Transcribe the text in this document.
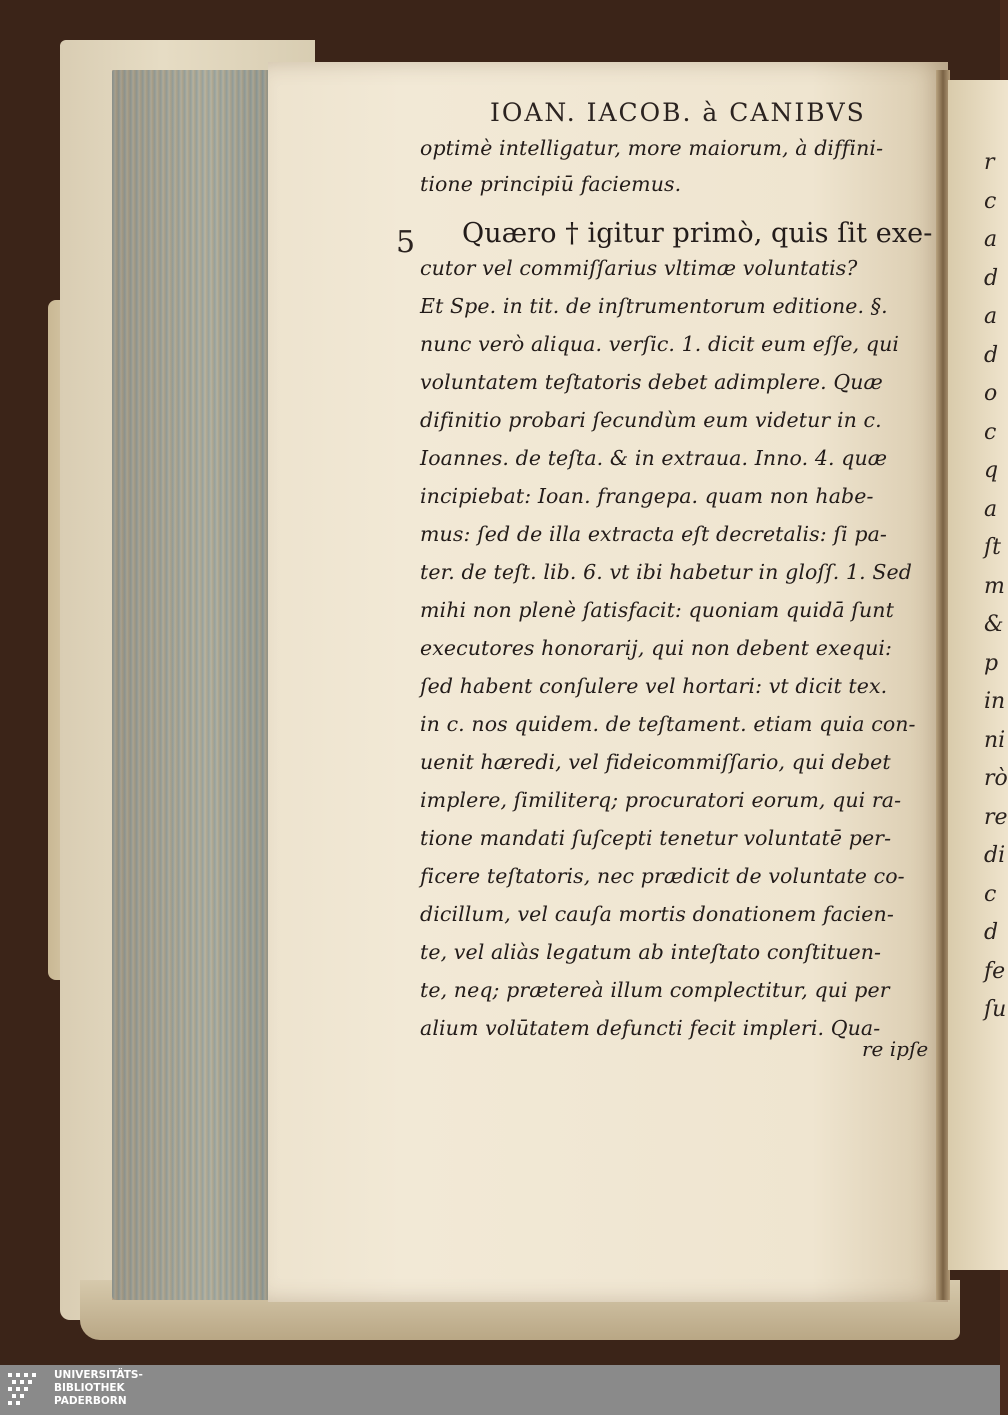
IOAN. IACOB. à CANIBVS
5
optimè intelligatur, more maiorum, à diffini-
tione principiū faciemus.
Quæro † igitur primò, quis ſit exe-
cutor vel commiſſarius vltimæ voluntatis?
Et Spe. in tit. de inſtrumentorum editione. §.
nunc verò aliqua. verſic. 1. dicit eum eſſe, qui
voluntatem teſtatoris debet adimplere. Quæ
difinitio probari ſecundùm eum videtur in c.
Ioannes. de teſta. & in extraua. Inno. 4. quæ
incipiebat: Ioan. frangepa. quam non habe-
mus: ſed de illa extracta eſt decretalis: ſi pa-
ter. de teſt. lib. 6. vt ibi habetur in gloſſ. 1. Sed
mihi non plenè ſatisfacit: quoniam quidā ſunt
executores honorarij, qui non debent exequi:
ſed habent conſulere vel hortari: vt dicit tex.
in c. nos quidem. de teſtament. etiam quia con-
uenit hæredi, vel fideicommiſſario, qui debet
implere, ſimiliterq; procuratori eorum, qui ra-
tione mandati ſuſcepti tenetur voluntatē per-
ficere teſtatoris, nec prædicit de voluntate co-
dicillum, vel cauſa mortis donationem facien-
te, vel aliàs legatum ab inteſtato conſtituen-
te, neq; prætereà illum complectitur, qui per
alium volūtatem defuncti fecit impleri. Qua-
re ipſe
r
c
a
d
a
d
o
c
q
a
ſt
m
&
p
in
ni
rò
re
di
c
d
fe
ſu
UNIVERSITÄTS-
BIBLIOTHEK
PADERBORN
